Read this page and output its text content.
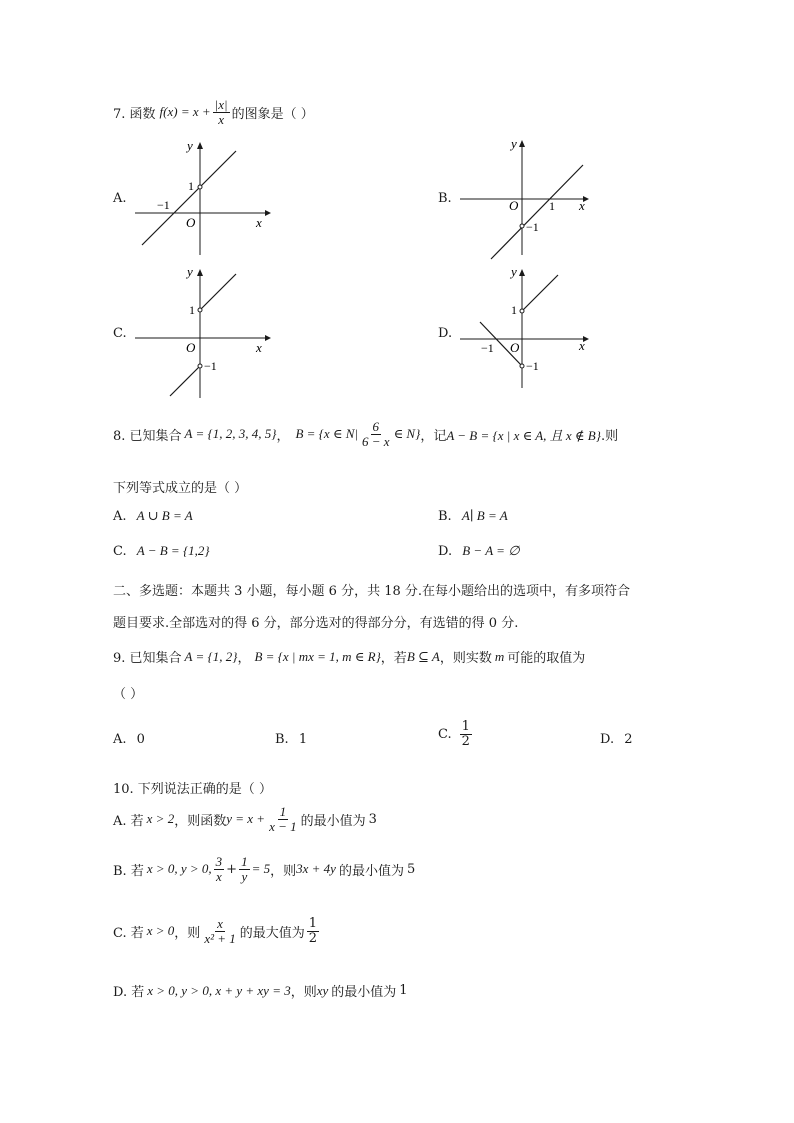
7. 函数 $f(x) = x + \frac{|x|}{x}$ 的图象是（ ）
A.
x
y
O
1
−1	B.	x
y
O	1
−1
C.
x
y
O
1
−1
D.
x
y
O
1
−1
−1
8. 已知集合 A = {1, 2, 3, 4, 5} ， B = {x ∈ $N| \frac{6}{6 - x}$ ∈ N} ，记 A − B = {x | x ∈ A, 且 x ∉ B} .则
下列等式成立的是（ ）
A. A ∪ B = A	B. A∣ B = A
C. A − B = {1,2}	D. B − A = ∅
二、多选题：本题共 3 小题，每小题 6 分，共 18 分.在每小题给出的选项中，有多项符合
题目要求.全部选对的得 6 分，部分选对的得部分分，有选错的得 0 分.
9. 已知集合 A = {1, 2} ， B = {x | mx = 1, m ∈ R} ，若 B ⊆ A ，则实数 m 可能的取值为
（ ）
A. 0	B. 1	C. $\frac{1}{2}$	D. 2
10. 下列说法正确的是（ ）
A. 若 x > 2 ，则函数 $y = x + \frac{1}{x - 1}$ 的最小值为 3
B. 若 x > 0, y > 0, $\frac{3}{x} + \frac{1}{y} = 5$ ，则 3x + 4y 的最小值为 5
C. 若 x > 0 ，则 $\frac{x}{\text{x² + 1}}$ 的最大值为 $\frac{1}{2}$
D. 若 x > 0, y > 0, x + y + xy = 3 ，则 xy 的最小值为 1
